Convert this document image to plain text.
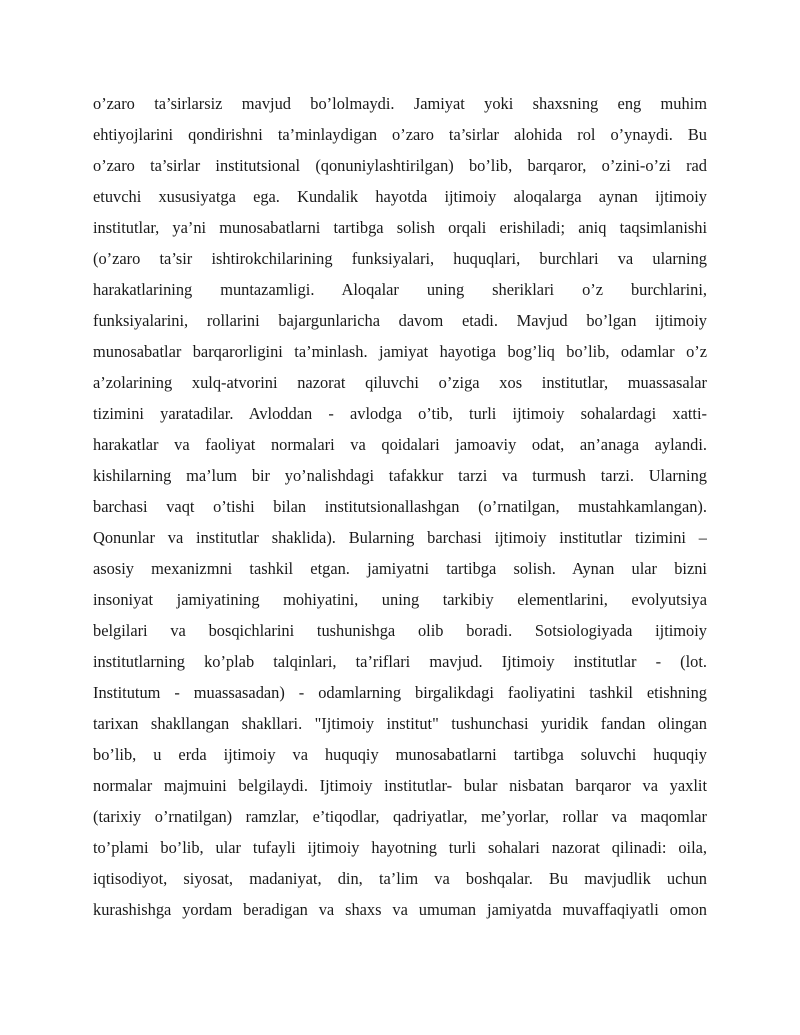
o’zaro ta’sirlarsiz mavjud bo’lolmaydi. Jamiyat yoki shaxsning eng muhim
ehtiyojlarini qondirishni ta’minlaydigan o’zaro ta’sirlar alohida rol o’ynaydi. Bu
o’zaro ta’sirlar institutsional (qonuniylashtirilgan) bo’lib, barqaror, o’zini-o’zi rad
etuvchi xususiyatga ega. Kundalik hayotda ijtimoiy aloqalarga aynan ijtimoiy
institutlar, ya’ni munosabatlarni tartibga solish orqali erishiladi; aniq taqsimlanishi
(o’zaro ta’sir ishtirokchilarining funksiyalari, huquqlari, burchlari va ularning
harakatlarining muntazamligi. Aloqalar uning sheriklari o’z burchlarini,
funksiyalarini, rollarini bajargunlaricha davom etadi. Mavjud bo’lgan ijtimoiy
munosabatlar barqarorligini ta’minlash. jamiyat hayotiga bog’liq bo’lib, odamlar o’z
a’zolarining xulq-atvorini nazorat qiluvchi o’ziga xos institutlar, muassasalar
tizimini yaratadilar. Avloddan - avlodga o’tib, turli ijtimoiy sohalardagi xatti-
harakatlar va faoliyat normalari va qoidalari jamoaviy odat, an’anaga aylandi.
kishilarning ma’lum bir yo’nalishdagi tafakkur tarzi va turmush tarzi. Ularning
barchasi vaqt o’tishi bilan institutsionallashgan (o’rnatilgan, mustahkamlangan).
Qonunlar va institutlar shaklida). Bularning barchasi ijtimoiy institutlar tizimini –
asosiy mexanizmni tashkil etgan. jamiyatni tartibga solish. Aynan ular bizni
insoniyat jamiyatining mohiyatini, uning tarkibiy elementlarini, evolyutsiya
belgilari va bosqichlarini tushunishga olib boradi. Sotsiologiyada ijtimoiy
institutlarning ko’plab talqinlari, ta’riflari mavjud. Ijtimoiy institutlar - (lot.
Institutum - muassasadan) - odamlarning birgalikdagi faoliyatini tashkil etishning
tarixan shakllangan shakllari. "Ijtimoiy institut" tushunchasi yuridik fandan olingan
bo’lib, u erda ijtimoiy va huquqiy munosabatlarni tartibga soluvchi huquqiy
normalar majmuini belgilaydi. Ijtimoiy institutlar- bular nisbatan barqaror va yaxlit
(tarixiy o’rnatilgan) ramzlar, e’tiqodlar, qadriyatlar, me’yorlar, rollar va maqomlar
to’plami bo’lib, ular tufayli ijtimoiy hayotning turli sohalari nazorat qilinadi: oila,
iqtisodiyot, siyosat, madaniyat, din, ta’lim va boshqalar. Bu mavjudlik uchun
kurashishga yordam beradigan va shaxs va umuman jamiyatda muvaffaqiyatli omon
